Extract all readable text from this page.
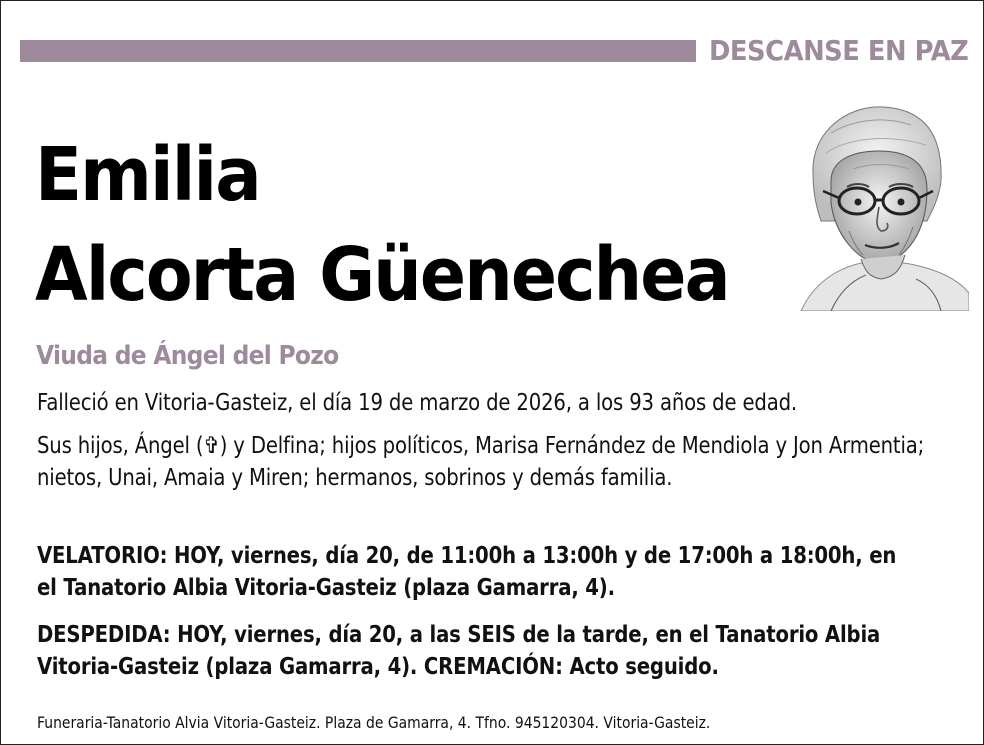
DESCANSE EN PAZ
Emilia
Alcorta Güenechea
Viuda de Ángel del Pozo
Falleció en Vitoria-Gasteiz, el día 19 de marzo de 2026, a los 93 años de edad.
Sus hijos, Ángel (✞) y Delfina; hijos políticos, Marisa Fernández de Mendiola y Jon Armentia; nietos, Unai, Amaia y Miren; hermanos, sobrinos y demás familia.
VELATORIO: HOY, viernes, día 20, de 11:00h a 13:00h y de 17:00h a 18:00h, en el Tanatorio Albia Vitoria-Gasteiz (plaza Gamarra, 4).
DESPEDIDA: HOY, viernes, día 20, a las SEIS de la tarde, en el Tanatorio Albia Vitoria-Gasteiz (plaza Gamarra, 4). CREMACIÓN: Acto seguido.
Funeraria-Tanatorio Alvia Vitoria-Gasteiz. Plaza de Gamarra, 4. Tfno. 945120304. Vitoria-Gasteiz.
